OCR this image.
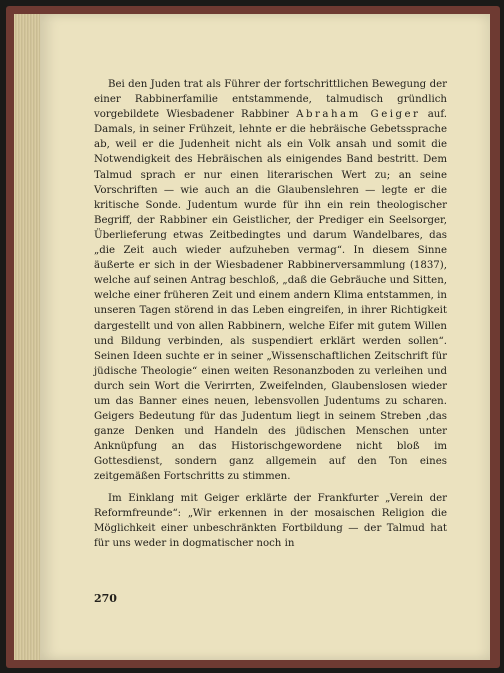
Bei den Juden trat als Führer der fortschrittlichen Bewegung der einer Rabbinerfamilie entstammende, talmudisch gründlich vorgebildete Wiesbadener Rabbiner Abraham Geiger auf. Damals, in seiner Frühzeit, lehnte er die hebräische Gebetssprache ab, weil er die Judenheit nicht als ein Volk ansah und somit die Notwendigkeit des Hebräischen als einigendes Band bestritt. Dem Talmud sprach er nur einen literarischen Wert zu; an seine Vorschriften — wie auch an die Glaubenslehren — legte er die kritische Sonde. Judentum wurde für ihn ein rein theologischer Begriff, der Rabbiner ein Geistlicher, der Prediger ein Seelsorger, Überlieferung etwas Zeitbedingtes und darum Wandelbares, das „die Zeit auch wieder aufzuheben vermag“. In diesem Sinne äußerte er sich in der Wiesbadener Rabbinerversammlung (1837), welche auf seinen Antrag beschloß, „daß die Gebräuche und Sitten, welche einer früheren Zeit und einem andern Klima entstammen, in unseren Tagen störend in das Leben eingreifen, in ihrer Richtigkeit dargestellt und von allen Rabbinern, welche Eifer mit gutem Willen und Bildung verbinden, als suspendiert erklärt werden sollen“. Seinen Ideen suchte er in seiner „Wissenschaftlichen Zeitschrift für jüdische Theologie“ einen weiten Resonanzboden zu verleihen und durch sein Wort die Verirrten, Zweifelnden, Glaubenslosen wieder um das Banner eines neuen, lebensvollen Judentums zu scharen. Geigers Bedeutung für das Judentum liegt in seinem Streben ‚das ganze Denken und Handeln des jüdischen Menschen unter Anknüpfung an das Historischgewordene nicht bloß im Gottesdienst, sondern ganz allgemein auf den Ton eines zeitgemäßen Fortschritts zu stimmen.

Im Einklang mit Geiger erklärte der Frankfurter „Verein der Reformfreunde“: „Wir erkennen in der mosaischen Religion die Möglichkeit einer unbeschränkten Fortbildung — der Talmud hat für uns weder in dogmatischer noch in

270
